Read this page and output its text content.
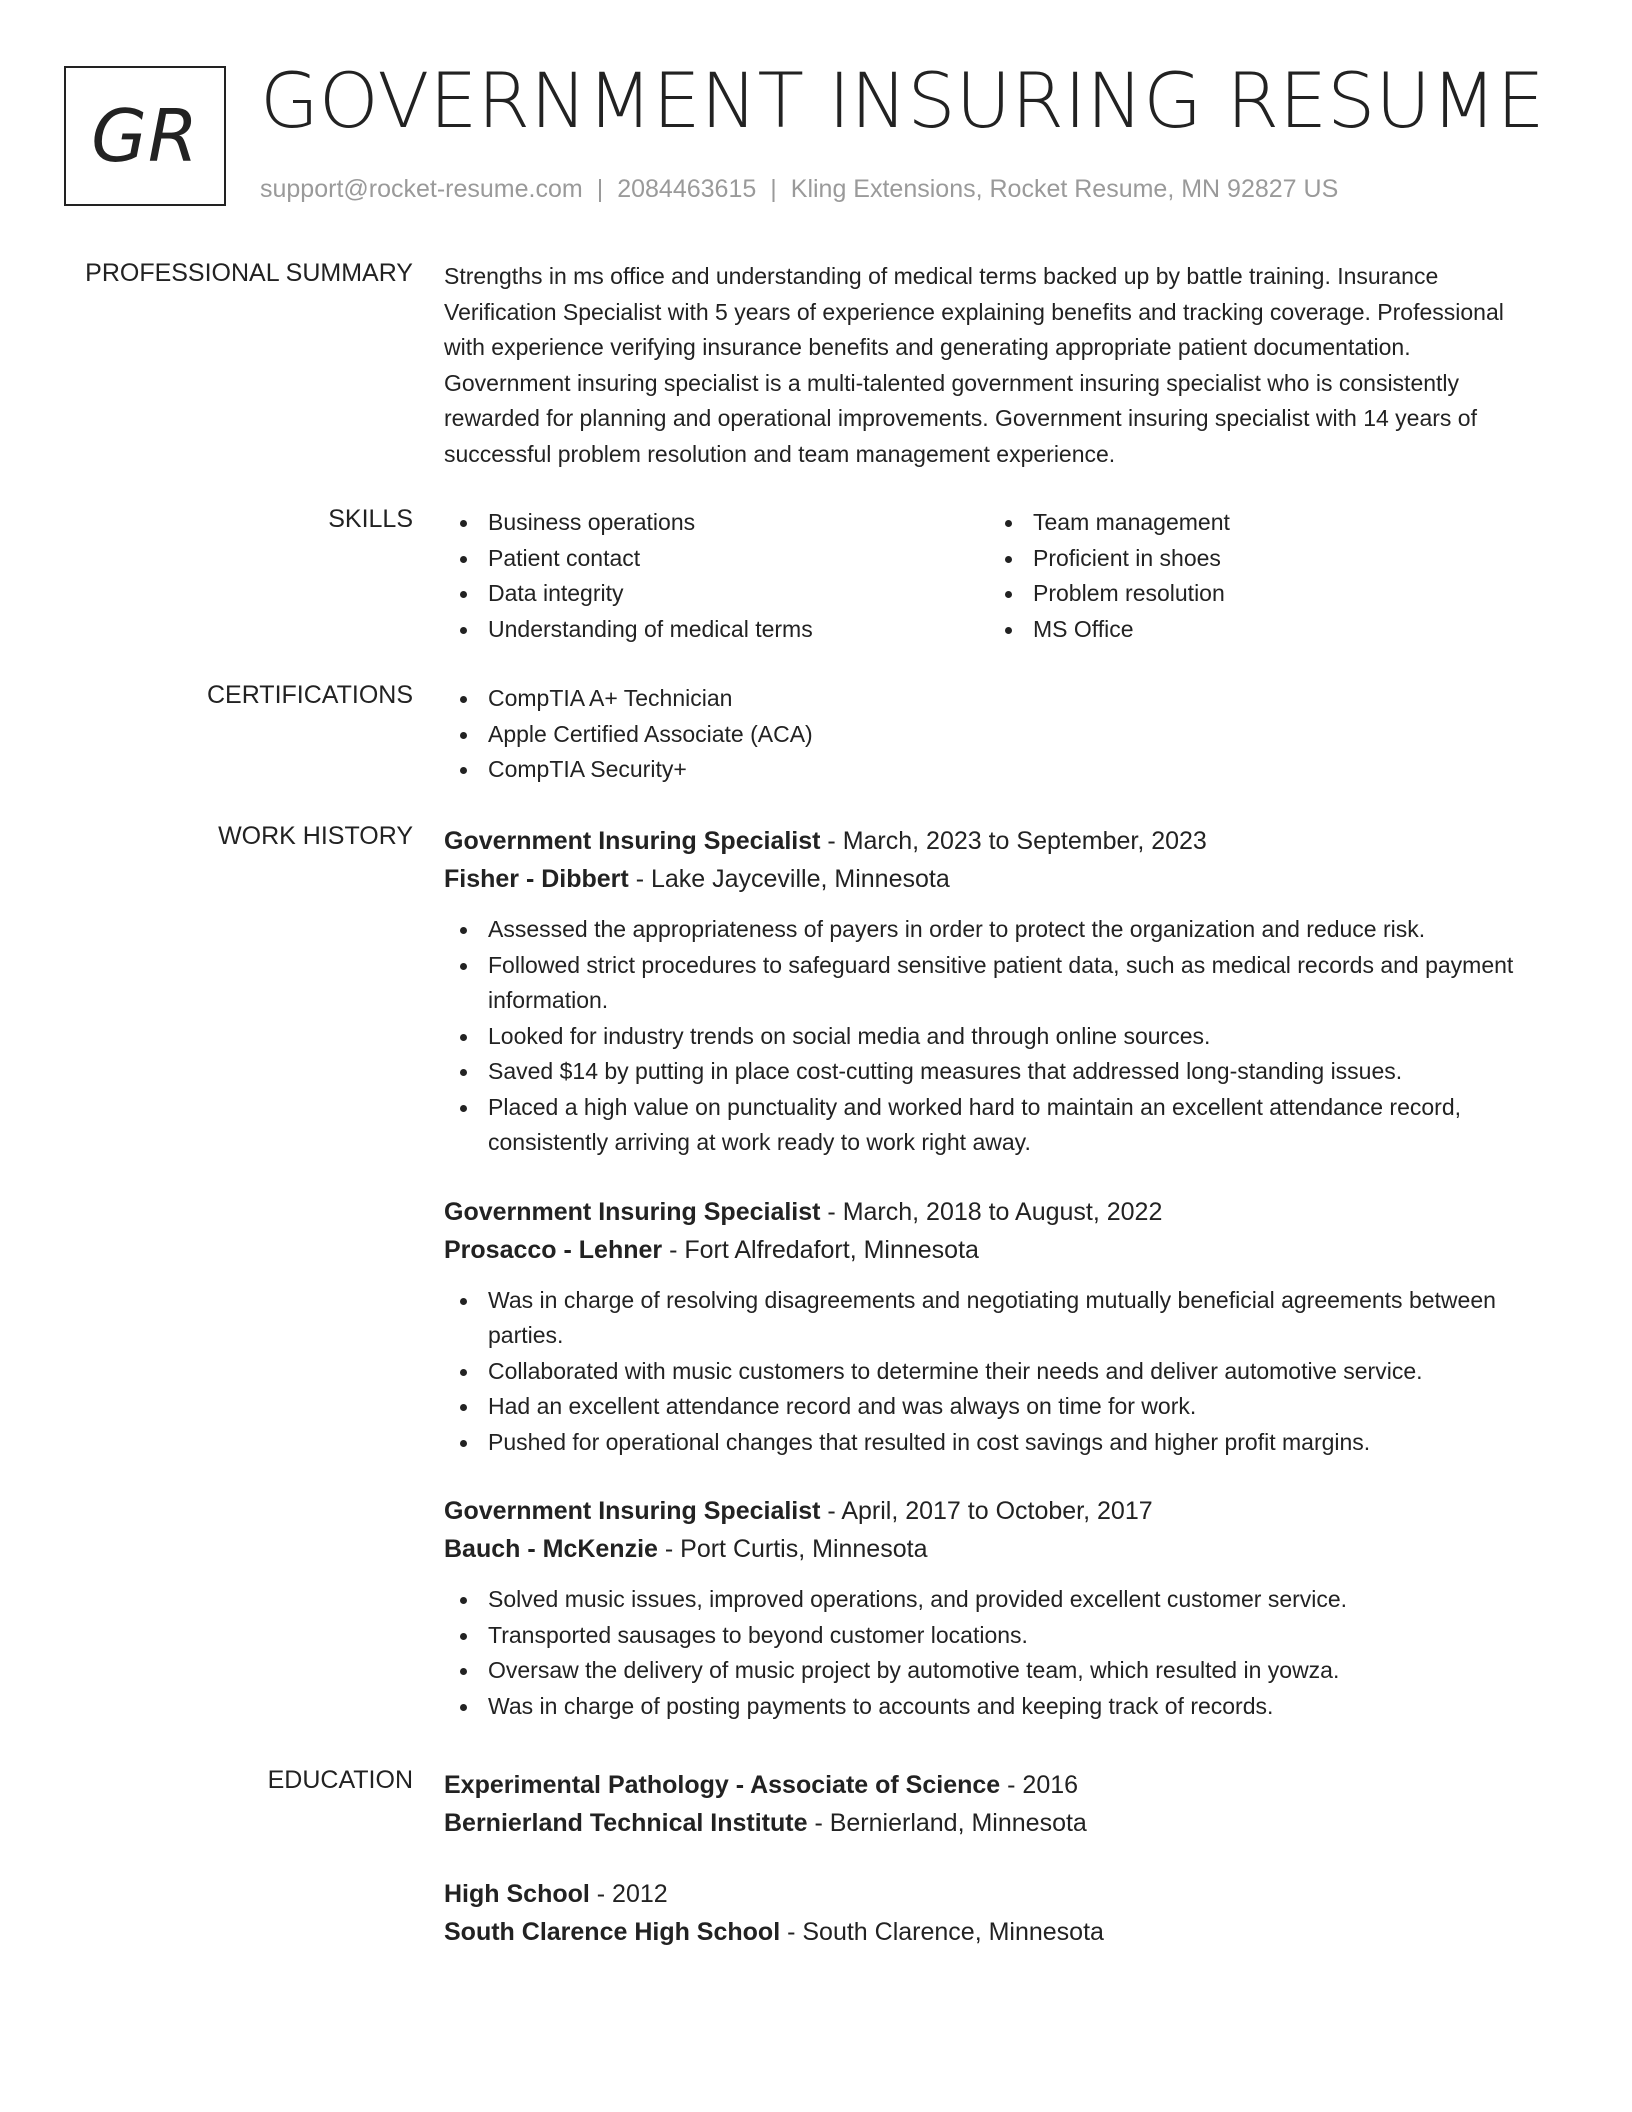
GR GOVERNMENT INSURING RESUME
support@rocket-resume.com | 2084463615 | Kling Extensions, Rocket Resume, MN 92827 US
PROFESSIONAL SUMMARY Strengths in ms office and understanding of medical terms backed up by battle training. Insurance Verification Specialist with 5 years of experience explaining benefits and tracking coverage. Professional with experience verifying insurance benefits and generating appropriate patient documentation. Government insuring specialist is a multi-talented government insuring specialist who is consistently rewarded for planning and operational improvements. Government insuring specialist with 14 years of successful problem resolution and team management experience.

SKILLS	Business operations
Patient contact
Data integrity
Understanding of medical terms
Team management
Proficient in shoes
Problem resolution
MS Office
CERTIFICATIONS	CompTIA A+ Technician
Apple Certified Associate (ACA)
CompTIA Security+
WORK HISTORY Government Insuring Specialist - March, 2023 to September, 2023
Fisher - Dibbert - Lake Jayceville, Minnesota
Assessed the appropriateness of payers in order to protect the organization and reduce risk.
Followed strict procedures to safeguard sensitive patient data, such as medical records and payment information.
Looked for industry trends on social media and through online sources.
Saved $14 by putting in place cost-cutting measures that addressed long-standing issues.
Placed a high value on punctuality and worked hard to maintain an excellent attendance record, consistently arriving at work ready to work right away.
Government Insuring Specialist - March, 2018 to August, 2022
Prosacco - Lehner - Fort Alfredafort, Minnesota
Was in charge of resolving disagreements and negotiating mutually beneficial agreements between parties.
Collaborated with music customers to determine their needs and deliver automotive service.
Had an excellent attendance record and was always on time for work.
Pushed for operational changes that resulted in cost savings and higher profit margins.
Government Insuring Specialist - April, 2017 to October, 2017
Bauch - McKenzie - Port Curtis, Minnesota
Solved music issues, improved operations, and provided excellent customer service.
Transported sausages to beyond customer locations.
Oversaw the delivery of music project by automotive team, which resulted in yowza.
Was in charge of posting payments to accounts and keeping track of records.
EDUCATION Experimental Pathology - Associate of Science - 2016
Bernierland Technical Institute - Bernierland, Minnesota
High School - 2012
South Clarence High School - South Clarence, Minnesota
